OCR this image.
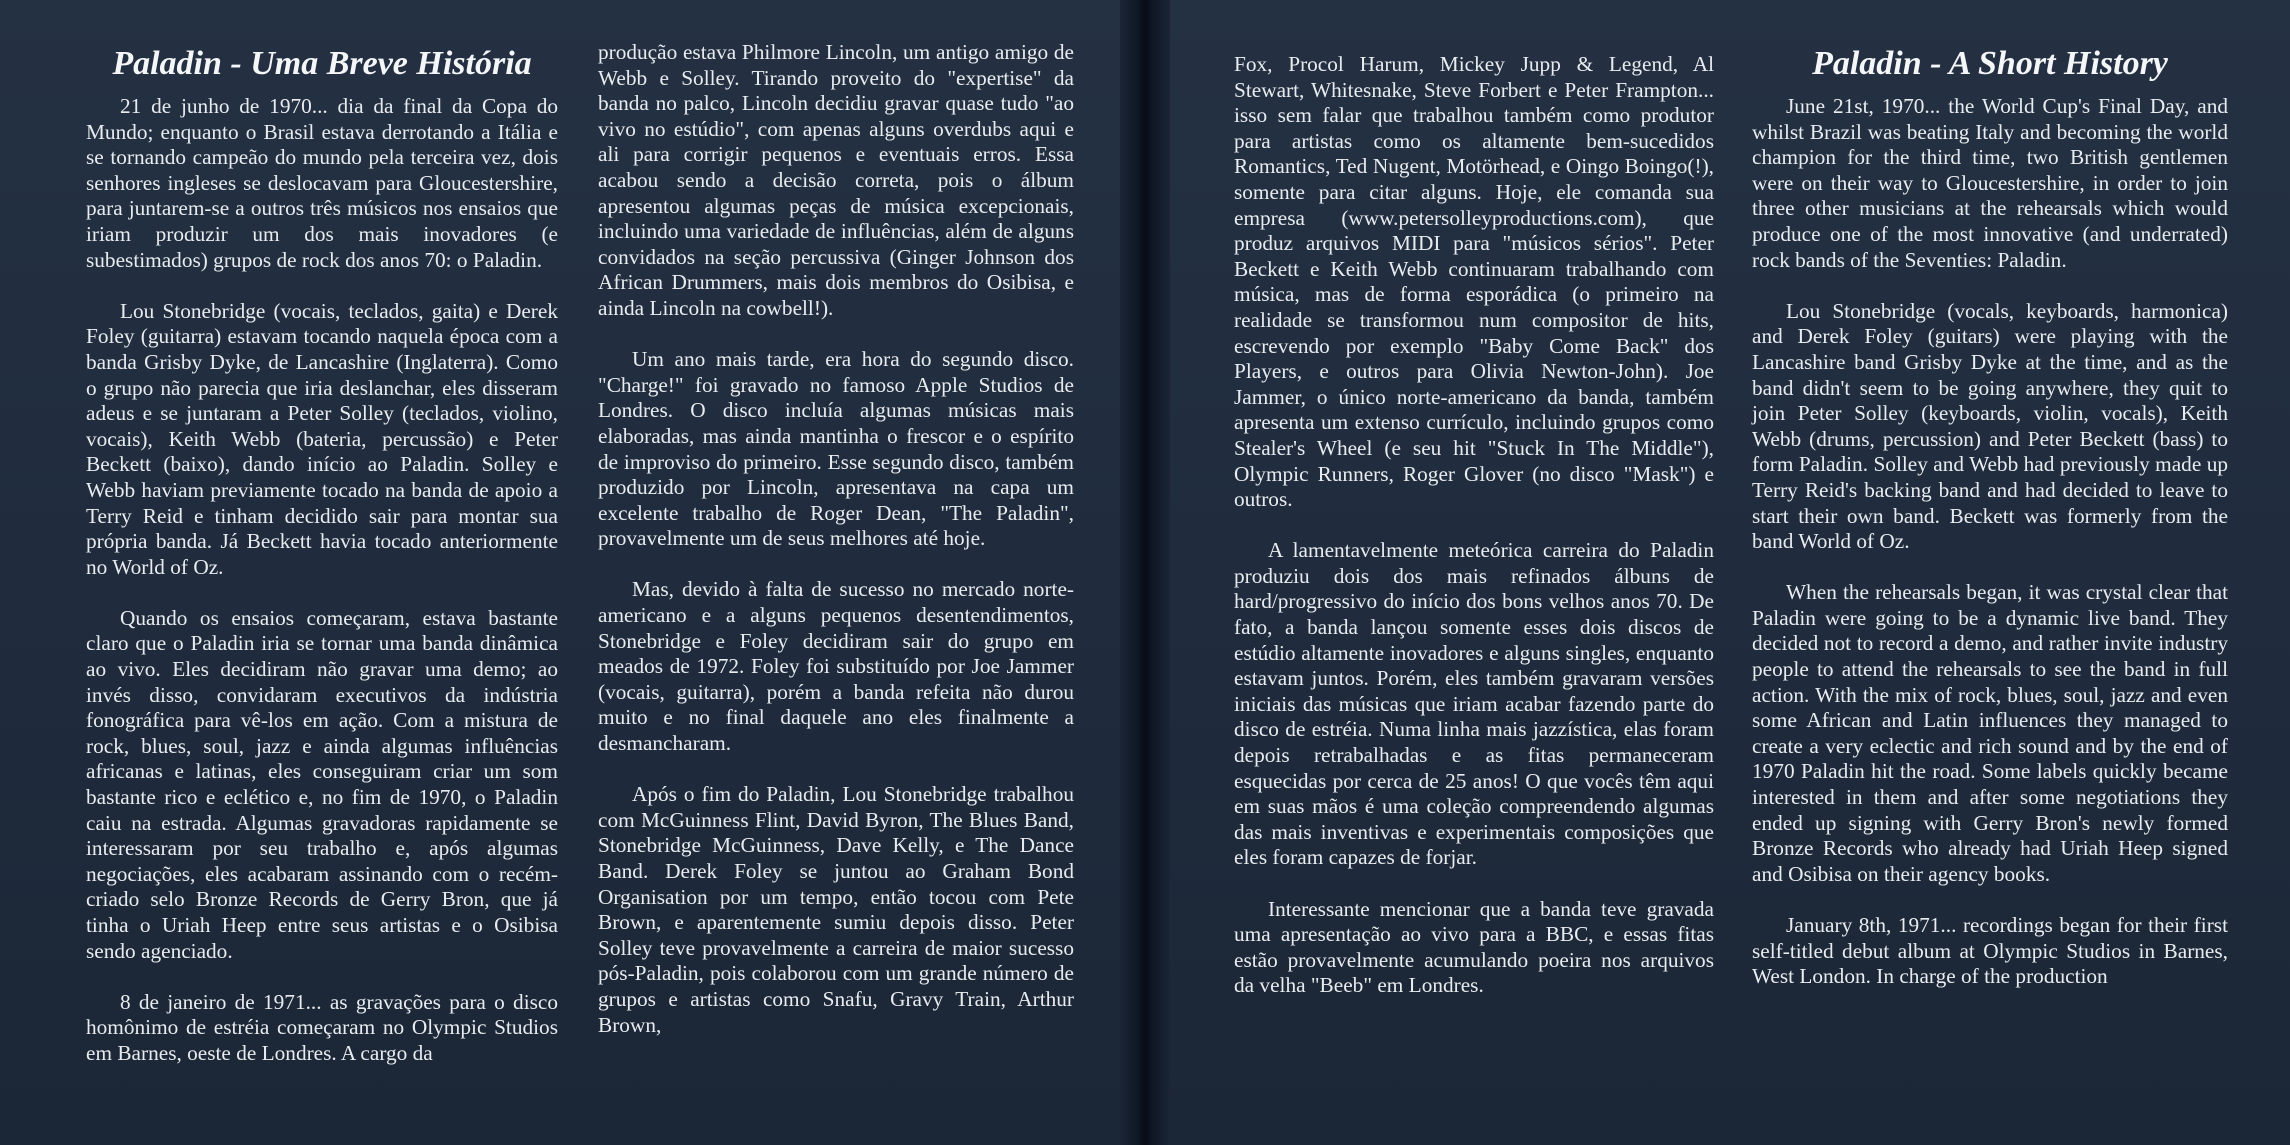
Paladin - Uma Breve História

21 de junho de 1970... dia da final da Copa do Mundo; enquanto o Brasil estava derrotando a Itália e se tornando campeão do mundo pela terceira vez, dois senhores ingleses se deslocavam para Gloucestershire, para juntarem-se a outros três músicos nos ensaios que iriam produzir um dos mais inovadores (e subestimados) grupos de rock dos anos 70: o Paladin.

Lou Stonebridge (vocais, teclados, gaita) e Derek Foley (guitarra) estavam tocando naquela época com a banda Grisby Dyke, de Lancashire (Inglaterra). Como o grupo não parecia que iria deslanchar, eles disseram adeus e se juntaram a Peter Solley (teclados, violino, vocais), Keith Webb (bateria, percussão) e Peter Beckett (baixo), dando início ao Paladin. Solley e Webb haviam previamente tocado na banda de apoio a Terry Reid e tinham decidido sair para montar sua própria banda. Já Beckett havia tocado anteriormente no World of Oz.

Quando os ensaios começaram, estava bastante claro que o Paladin iria se tornar uma banda dinâmica ao vivo. Eles decidiram não gravar uma demo; ao invés disso, convidaram executivos da indústria fonográfica para vê-los em ação. Com a mistura de rock, blues, soul, jazz e ainda algumas influências africanas e latinas, eles conseguiram criar um som bastante rico e eclético e, no fim de 1970, o Paladin caiu na estrada. Algumas gravadoras rapidamente se interessaram por seu trabalho e, após algumas negociações, eles acabaram assinando com o recém-criado selo Bronze Records de Gerry Bron, que já tinha o Uriah Heep entre seus artistas e o Osibisa sendo agenciado.

8 de janeiro de 1971... as gravações para o disco homônimo de estréia começaram no Olympic Studios em Barnes, oeste de Londres. A cargo da

produção estava Philmore Lincoln, um antigo amigo de Webb e Solley. Tirando proveito do "expertise" da banda no palco, Lincoln decidiu gravar quase tudo "ao vivo no estúdio", com apenas alguns overdubs aqui e ali para corrigir pequenos e eventuais erros. Essa acabou sendo a decisão correta, pois o álbum apresentou algumas peças de música excepcionais, incluindo uma variedade de influências, além de alguns convidados na seção percussiva (Ginger Johnson dos African Drummers, mais dois membros do Osibisa, e ainda Lincoln na cowbell!).

Um ano mais tarde, era hora do segundo disco. "Charge!" foi gravado no famoso Apple Studios de Londres. O disco incluía algumas músicas mais elaboradas, mas ainda mantinha o frescor e o espírito de improviso do primeiro. Esse segundo disco, também produzido por Lincoln, apresentava na capa um excelente trabalho de Roger Dean, "The Paladin", provavelmente um de seus melhores até hoje.

Mas, devido à falta de sucesso no mercado norte-americano e a alguns pequenos desentendimentos, Stonebridge e Foley decidiram sair do grupo em meados de 1972. Foley foi substituído por Joe Jammer (vocais, guitarra), porém a banda refeita não durou muito e no final daquele ano eles finalmente a desmancharam.

Após o fim do Paladin, Lou Stonebridge trabalhou com McGuinness Flint, David Byron, The Blues Band, Stonebridge McGuinness, Dave Kelly, e The Dance Band. Derek Foley se juntou ao Graham Bond Organisation por um tempo, então tocou com Pete Brown, e aparentemente sumiu depois disso. Peter Solley teve provavelmente a carreira de maior sucesso pós-Paladin, pois colaborou com um grande número de grupos e artistas como Snafu, Gravy Train, Arthur Brown,

Fox, Procol Harum, Mickey Jupp & Legend, Al Stewart, Whitesnake, Steve Forbert e Peter Frampton... isso sem falar que trabalhou também como produtor para artistas como os altamente bem-sucedidos Romantics, Ted Nugent, Motörhead, e Oingo Boingo(!), somente para citar alguns. Hoje, ele comanda sua empresa (www.petersolleyproductions.com), que produz arquivos MIDI para "músicos sérios". Peter Beckett e Keith Webb continuaram trabalhando com música, mas de forma esporádica (o primeiro na realidade se transformou num compositor de hits, escrevendo por exemplo "Baby Come Back" dos Players, e outros para Olivia Newton-John). Joe Jammer, o único norte-americano da banda, também apresenta um extenso currículo, incluindo grupos como Stealer's Wheel (e seu hit "Stuck In The Middle"), Olympic Runners, Roger Glover (no disco "Mask") e outros.

A lamentavelmente meteórica carreira do Paladin produziu dois dos mais refinados álbuns de hard/progressivo do início dos bons velhos anos 70. De fato, a banda lançou somente esses dois discos de estúdio altamente inovadores e alguns singles, enquanto estavam juntos. Porém, eles também gravaram versões iniciais das músicas que iriam acabar fazendo parte do disco de estréia. Numa linha mais jazzística, elas foram depois retrabalhadas e as fitas permaneceram esquecidas por cerca de 25 anos! O que vocês têm aqui em suas mãos é uma coleção compreendendo algumas das mais inventivas e experimentais composições que eles foram capazes de forjar.

Interessante mencionar que a banda teve gravada uma apresentação ao vivo para a BBC, e essas fitas estão provavelmente acumulando poeira nos arquivos da velha "Beeb" em Londres.

Paladin - A Short History

June 21st, 1970... the World Cup's Final Day, and whilst Brazil was beating Italy and becoming the world champion for the third time, two British gentlemen were on their way to Gloucestershire, in order to join three other musicians at the rehearsals which would produce one of the most innovative (and underrated) rock bands of the Seventies: Paladin.

Lou Stonebridge (vocals, keyboards, harmonica) and Derek Foley (guitars) were playing with the Lancashire band Grisby Dyke at the time, and as the band didn't seem to be going anywhere, they quit to join Peter Solley (keyboards, violin, vocals), Keith Webb (drums, percussion) and Peter Beckett (bass) to form Paladin. Solley and Webb had previously made up Terry Reid's backing band and had decided to leave to start their own band. Beckett was formerly from the band World of Oz.

When the rehearsals began, it was crystal clear that Paladin were going to be a dynamic live band. They decided not to record a demo, and rather invite industry people to attend the rehearsals to see the band in full action. With the mix of rock, blues, soul, jazz and even some African and Latin influences they managed to create a very eclectic and rich sound and by the end of 1970 Paladin hit the road. Some labels quickly became interested in them and after some negotiations they ended up signing with Gerry Bron's newly formed Bronze Records who already had Uriah Heep signed and Osibisa on their agency books.

January 8th, 1971... recordings began for their first self-titled debut album at Olympic Studios in Barnes, West London. In charge of the production
